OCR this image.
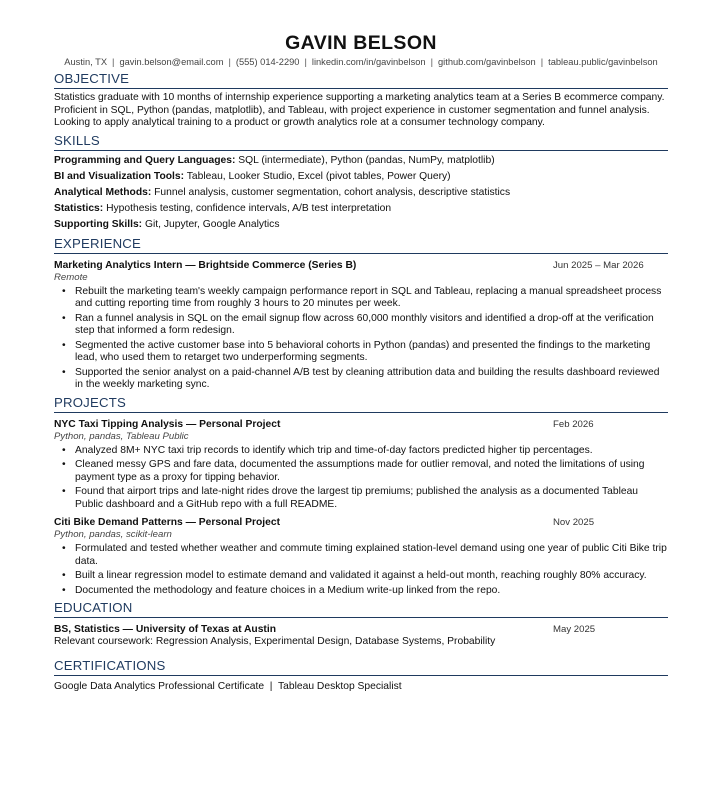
GAVIN BELSON
Austin, TX | gavin.belson@email.com | (555) 014-2290 | linkedin.com/in/gavinbelson | github.com/gavinbelson | tableau.public/gavinbelson
OBJECTIVE

Statistics graduate with 10 months of internship experience supporting a marketing analytics team at a Series B ecommerce company. Proficient in SQL, Python (pandas, matplotlib), and Tableau, with project experience in customer segmentation and funnel analysis. Looking to apply analytical training to a product or growth analytics role at a consumer technology company.

SKILLS
Programming and Query Languages: SQL (intermediate), Python (pandas, NumPy, matplotlib)
BI and Visualization Tools: Tableau, Looker Studio, Excel (pivot tables, Power Query)
Analytical Methods: Funnel analysis, customer segmentation, cohort analysis, descriptive statistics
Statistics: Hypothesis testing, confidence intervals, A/B test interpretation
Supporting Skills: Git, Jupyter, Google Analytics
EXPERIENCE
Marketing Analytics Intern — Brightside Commerce (Series B)	Jun 2025 – Mar 2026
Remote
• Rebuilt the marketing team's weekly campaign performance report in SQL and Tableau, replacing a manual spreadsheet process and cutting reporting time from roughly 3 hours to 20 minutes per week.
• Ran a funnel analysis in SQL on the email signup flow across 60,000 monthly visitors and identified a drop-off at the verification step that informed a form redesign.
• Segmented the active customer base into 5 behavioral cohorts in Python (pandas) and presented the findings to the marketing lead, who used them to retarget two underperforming segments.
• Supported the senior analyst on a paid-channel A/B test by cleaning attribution data and building the results dashboard reviewed in the weekly marketing sync.
PROJECTS
NYC Taxi Tipping Analysis — Personal Project	Feb 2026
Python, pandas, Tableau Public
• Analyzed 8M+ NYC taxi trip records to identify which trip and time-of-day factors predicted higher tip percentages.
• Cleaned messy GPS and fare data, documented the assumptions made for outlier removal, and noted the limitations of using payment type as a proxy for tipping behavior.
• Found that airport trips and late-night rides drove the largest tip premiums; published the analysis as a documented Tableau Public dashboard and a GitHub repo with a full README.
Citi Bike Demand Patterns — Personal Project	Nov 2025
Python, pandas, scikit-learn
• Formulated and tested whether weather and commute timing explained station-level demand using one year of public Citi Bike trip data.
• Built a linear regression model to estimate demand and validated it against a held-out month, reaching roughly 80% accuracy.
• Documented the methodology and feature choices in a Medium write-up linked from the repo.
EDUCATION
BS, Statistics — University of Texas at Austin	May 2025
Relevant coursework: Regression Analysis, Experimental Design, Database Systems, Probability
CERTIFICATIONS

Google Data Analytics Professional Certificate  |  Tableau Desktop Specialist
